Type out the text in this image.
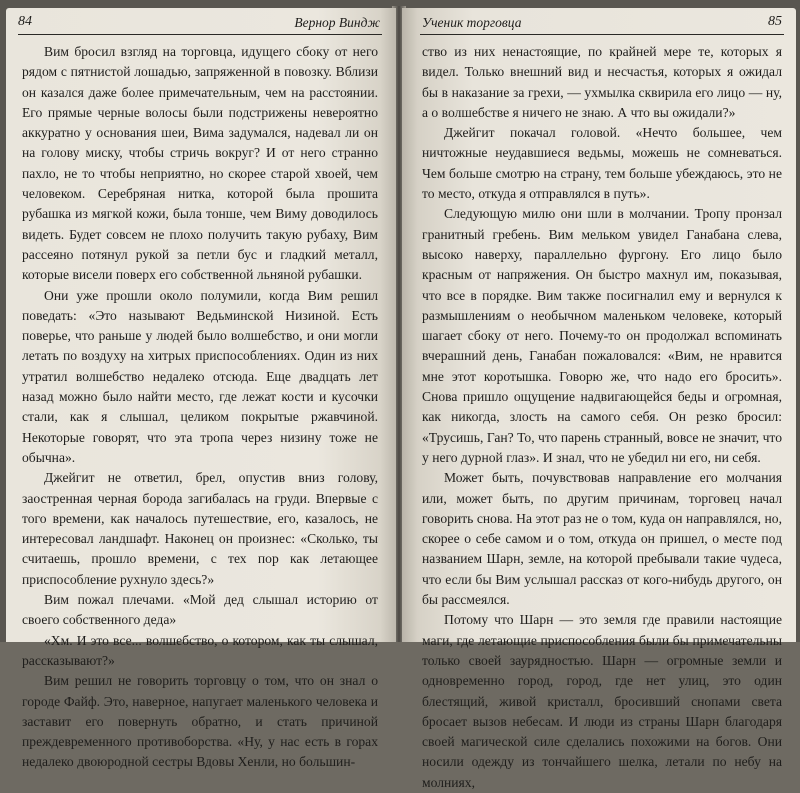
84	Вернор Виндж

Вим бросил взгляд на торговца, идущего сбоку от него рядом с пятнистой лошадью, запряженной в повозку. Вблизи он казался даже более примечательным, чем на расстоянии. Его прямые черные волосы были подстрижены невероятно аккуратно у основания шеи, Вима задумался, надевал ли он на голову миску, чтобы стричь вокруг? И от него странно пахло, не то чтобы неприятно, но скорее старой хвоей, чем человеком. Серебряная нитка, которой была прошита рубашка из мягкой кожи, была тонше, чем Виму доводилось видеть. Будет совсем не плохо получить такую рубаху, Вим рассеяно потянул рукой за петли бус и гладкий металл, которые висели поверх его собственной льняной рубашки.

Они уже прошли около полумили, когда Вим решил поведать: «Это называют Ведьминской Низиной. Есть поверье, что раньше у людей было волшебство, и они могли летать по воздуху на хитрых приспособлениях. Один из них утратил волшебство недалеко отсюда. Еще двадцать лет назад можно было найти место, где лежат кости и кусочки стали, как я слышал, целиком покрытые ржавчиной. Некоторые говорят, что эта тропа через низину тоже не обычна».

Джейгит не ответил, брел, опустив вниз голову, заостренная черная борода загибалась на груди. Впервые с того времени, как началось путешествие, его, казалось, не интересовал ландшафт. Наконец он произнес: «Сколько, ты считаешь, прошло времени, с тех пор как летающее приспособление рухнуло здесь?»

Вим пожал плечами. «Мой дед слышал историю от своего собственного деда»

«Хм. И это все... волшебство, о котором, как ты слышал, рассказывают?»

Вим решил не говорить торговцу о том, что он знал о городе Файф. Это, наверное, напугает маленького человека и заставит его повернуть обратно, и стать причиной преждевременного противоборства. «Ну, у нас есть в горах недалеко двоюродной сестры Вдовы Хенли, но большин-

Ученик торговца	85

ство из них ненастоящие, по крайней мере те, которых я видел. Только внешний вид и несчастья, которых я ожидал бы в наказание за грехи, — ухмылка сквирила его лицо — ну, а о волшебстве я ничего не знаю. А что вы ожидали?»

Джейгит покачал головой. «Нечто большее, чем ничтожные неудавшиеся ведьмы, можешь не сомневаться. Чем больше смотрю на страну, тем больше убеждаюсь, это не то место, откуда я отправлялся в путь».

Следующую милю они шли в молчании. Тропу пронзал гранитный гребень. Вим мельком увидел Ганабана слева, высоко наверху, параллельно фургону. Его лицо было красным от напряжения. Он быстро махнул им, показывая, что все в порядке. Вим также посигналил ему и вернулся к размышлениям о необычном маленьком человеке, который шагает сбоку от него. Почему-то он продолжал вспоминать вчерашний день, Ганабан пожаловался: «Вим, не нравится мне этот коротышка. Говорю же, что надо его бросить». Снова пришло ощущение надвигающейся беды и огромная, как никогда, злость на самого себя. Он резко бросил: «Трусишь, Ган? То, что парень странный, вовсе не значит, что у него дурной глаз». И знал, что не убедил ни его, ни себя.

Может быть, почувствовав направление его молчания или, может быть, по другим причинам, торговец начал говорить снова. На этот раз не о том, куда он направлялся, но, скорее о себе самом и о том, откуда он пришел, о месте под названием Шарн, земле, на которой пребывали такие чудеса, что если бы Вим услышал рассказ от кого-нибудь другого, он бы рассмеялся.

Потому что Шарн — это земля где правили настоящие маги, где летающие приспособления были бы примечательны только своей заурядностью. Шарн — огромные земли и одновременно город, город, где нет улиц, это один блестящий, живой кристалл, бросивший снопами света бросает вызов небесам. И люди из страны Шарн благодаря своей магической силе сделались похожими на богов. Они носили одежду из тончайшего шелка, летали по небу на молниях,
